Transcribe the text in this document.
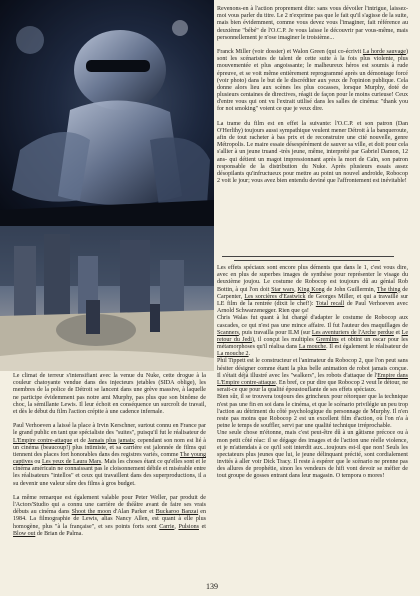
Revenons-en à l'action proprement dite: sans vous dévoiler l'intrigue, laissez-moi vous parler du titre. Le 2 n'exprime pas que le fait qu'il s'agisse de la suite, mais bien évidemment, comme vous devez vous l'imaginer, fait référence au deuxième "bébé" de l'O.C.P. Je vous laisse le découvrir par vous-même, mais personnellement je n'ose imaginer le troisième...

Franck Miller (voir dossier) et Walon Green (qui co-écrivit La horde sauvage) sont les scénaristes de talent de cette suite à la fois plus violente, plus mouvementée et plus angoissante; le malheureux héros est soumis à rude épreuve, et se voit même entièrement reprogrammé après un démontage forcé (voir photo) dans le but de le discréditer aux yeux de l'opinion publique. Cela donne alors lieu aux scènes les plus cocasses, lorsque Murphy, doté de plusieurs centaines de directives, réagit de façon pour le moins curieuse! Ceux d'entre vous qui ont vu l'extrait utilisé dans les salles de cinéma: "thank you for not smoking" voient ce que je veux dire.

La trame du film est en effet la suivante: l'O.C.P. et son patron (Dan O'Herlihy) toujours aussi sympathique veulent mener Détroit à la banqueroute, afin de tout racheter à bas prix et de reconstruire une cité nouvelle, genre Métropolis. Le maire essaie désespérément de sauver sa ville, et doit pour cela s'allier à un jeune truand -très jeune, même, interprété par Gabriel Damon, 12 ans- qui détient un magot impressionnant après la mort de Caïn, son patron responsable de la distribution du Nuke. Après plusieurs essais assez désopilants qu'infructueux pour mettre au point un nouvel androïde, Robocop 2 voit le jour; vous avez bien entendu deviné que l'affrontement est inévitable!

Les effets spéciaux sont encore plus déments que dans le 1, c'est vous dire, avec en plus de superbes images de synthèse pour représenter le visage du deuxième joujou. Le costume de Robocop est toujours dû au génial Rob Bottin, à qui l'on doit Star wars, King Kong de John Guillermin, The thing de Carpenter, Les sorcières d'Eastwick de Georges Miller, et qui a travaillé sur LE film de la rentrée (dixit le chef!): Total recall de Paul Verhoeven avec Arnold Schwarzenegger. Rien que ça!

Chris Walas fut quant à lui chargé d'adapter le costume de Robocop aux cascades, ce qui n'est pas une mince affaire. Il fut l'auteur des maquillages de Scanners, puis travailla pour ILM (sur Les aventuriers de l'Arche perdue et Le retour du Jedi), il conçut les multiples Gremlins et obtint un oscar pour les métamorphoses qu'il réalisa dans La mouche. Il est également le réalisateur de La mouche 2.

Phil Tippett est le constructeur et l'animateur du Robocop 2, que l'on peut sans hésiter désigner comme étant la plus belle animation de robot jamais conçue. Il s'était déjà illustré avec les "walkers", les robots d'attaque de l'Empire dans L'Empire contre-attaque. En bref, ce pur dire que Robocop 2 veut le détour, ne serait-ce que pour la qualité époustouflante de ses effets spéciaux.

Bien sûr, il se trouvera toujours des grincheux pour rétorquer que la technique n'est pas une fin en soi dans le cinéma, et que le scénario privilégie un peu trop l'action au détriment du côté psychologique du personnage de Murphy. Il n'en reste pas moins que Robocop 2 est un excellent film d'action, où l'on n'a à peine le temps de souffler, servi par une qualité technique irréprochable.

Une seule chose m'étonne, mais c'est peut-être dû à un gâtisme précoce ou à mon petit côté réac: il se dégage des images et de l'action une réelle violence, et je m'attendais à ce qu'il soit interdit aux...toujours est-il que non! Seuls les spectateurs plus jeunes que lui, le jeune délinquant précité, sont cordialement invités à aller voir Dick Tracy. Il reste à espérer que le scénario ne prenne pas des allures de prophétie, sinon les vendeurs de hifi vont devoir se méfier de tout groupe de gosses entrant dans leur magasin. O tempora o mores!

Le climat de terreur s'intensifiant avec la venue du Nuke, cette drogue à la couleur chatoyante vendue dans des injecteurs jetables (SIDA oblige), les membres de la police de Détroit se lancent dans une grève massive, à laquelle ne participe évidemment pas notre ami Murphy, pas plus que son binôme de choc, la sémillante Lewis. Il leur échoit en conséquence un surcroît de travail, et dès le début du film l'action crépite à une cadence infernale.

Paul Verhoeven a laissé la place à Irvin Kerschner, surtout connu en France par le grand public en tant que spécialiste des "suites", puisqu'il fut le réalisateur de L'Empire contre-attaque et de Jamais plus jamais; cependant son nom est lié à un cinéma (beaucoup!) plus intimiste, et sa carrière est jalonnée de films qui tiennent des places fort honorables dans des registres variés, comme The young captives ou Les yeux de Laura Mars. Mais les choses étant ce qu'elles sont et le cinéma américain ne connaissant pas le cloisonnement débile et misérable entre les réalisateurs "intellos" et ceux qui travaillent dans des superproductions, il a su devenir une valeur sûre des films à gros budget.

La même remarque est également valable pour Peter Weller, par produit de l'Actors'Studio qui a connu une carrière de théâtre avant de faire ses vrais débuts au cinéma dans Shoot the moon d'Alan Parker et Buckaroo Banzai en 1984. La filmographie de Lewis, alias Nancy Allen, est quant à elle plus homogène, plus "à la française", et ses points forts sont Carrie, Pulsions et Blow out de Brian de Palma.

139
